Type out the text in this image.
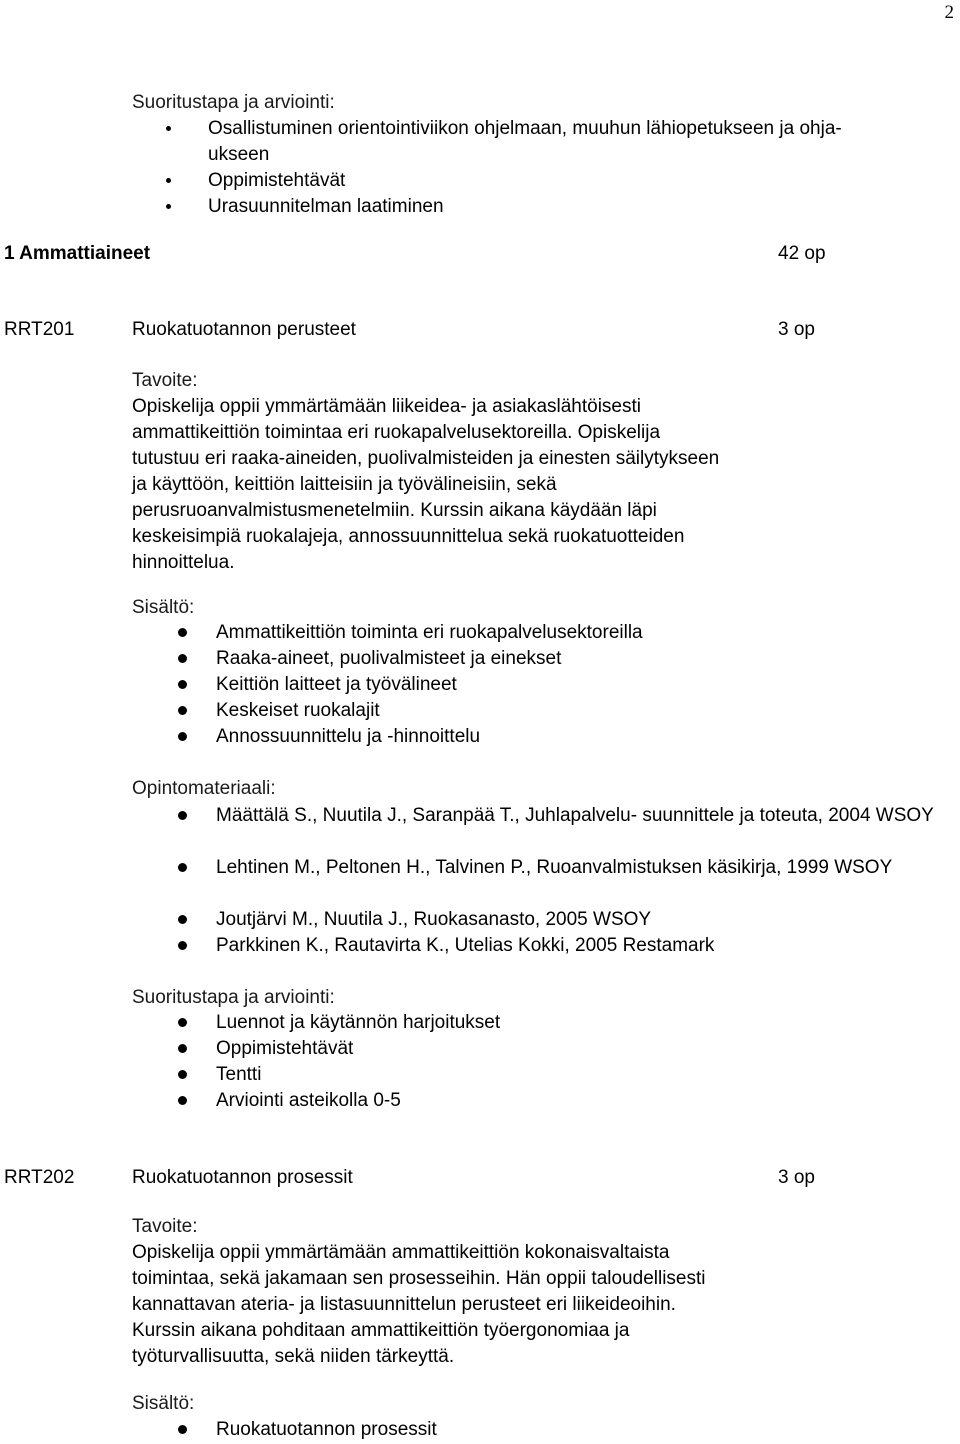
2
Suoritustapa ja arviointi:
Osallistuminen orientointiviikon ohjelmaan, muuhun lähiopetukseen ja ohja-
ukseen
Oppimistehtävät
Urasuunnitelman laatiminen
1 Ammattiaineet	42 op
RRT201	Ruokatuotannon perusteet	3 op
Tavoite:
Opiskelija oppii ymmärtämään liikeidea- ja asiakaslähtöisesti
ammattikeittiön toimintaa eri ruokapalvelusektoreilla. Opiskelija
tutustuu eri raaka-aineiden, puolivalmisteiden ja einesten säilytykseen
ja käyttöön, keittiön laitteisiin ja työvälineisiin, sekä
perusruoanvalmistusmenetelmiin. Kurssin aikana käydään läpi
keskeisimpiä ruokalajeja, annossuunnittelua sekä ruokatuotteiden
hinnoittelua.
Sisältö:
Ammattikeittiön toiminta eri ruokapalvelusektoreilla
Raaka-aineet, puolivalmisteet ja einekset
Keittiön laitteet ja työvälineet
Keskeiset ruokalajit
Annossuunnittelu ja -hinnoittelu
Opintomateriaali:
Määttälä S., Nuutila J., Saranpää T., Juhlapalvelu- suunnittele ja toteuta, 2004 WSOY
Lehtinen M., Peltonen H., Talvinen P., Ruoanvalmistuksen käsikirja, 1999 WSOY
Joutjärvi M., Nuutila J., Ruokasanasto, 2005 WSOY
Parkkinen K., Rautavirta K., Utelias Kokki, 2005 Restamark
Suoritustapa ja arviointi:
Luennot ja käytännön harjoitukset
Oppimistehtävät
Tentti
Arviointi asteikolla 0-5
RRT202	Ruokatuotannon prosessit	3 op
Tavoite:
Opiskelija oppii ymmärtämään ammattikeittiön kokonaisvaltaista
toimintaa, sekä jakamaan sen prosesseihin. Hän oppii taloudellisesti
kannattavan ateria- ja listasuunnittelun perusteet eri liikeideoihin.
Kurssin aikana pohditaan ammattikeittiön työergonomiaa ja
työturvallisuutta, sekä niiden tärkeyttä.
Sisältö:
Ruokatuotannon prosessit
